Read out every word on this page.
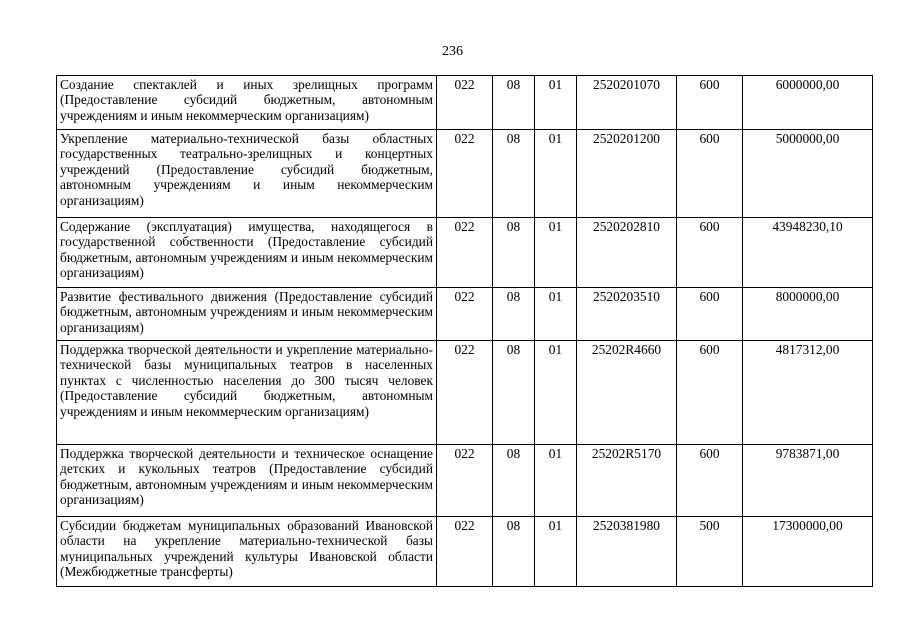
236
Создание спектаклей и иных зрелищных программ (Предоставление субсидий бюджетным, автономным учреждениям и иным некоммерческим организациям)	022	08	01	2520201070	600	6000000,00
Укрепление материально-технической базы областных государственных театрально-зрелищных и концертных учреждений (Предоставление субсидий бюджетным, автономным учреждениям и иным некоммерческим организациям)	022	08	01	2520201200	600	5000000,00
Содержание (эксплуатация) имущества, находящегося в государственной собственности (Предоставление субсидий бюджетным, автономным учреждениям и иным некоммерческим организациям)	022	08	01	2520202810	600	43948230,10
Развитие фестивального движения (Предоставление субсидий бюджетным, автономным учреждениям и иным некоммерческим организациям)	022	08	01	2520203510	600	8000000,00
Поддержка творческой деятельности и укрепление материально-технической базы муниципальных театров в населенных пунктах с численностью населения до 300 тысяч человек (Предоставление субсидий бюджетным, автономным учреждениям и иным некоммерческим организациям)	022	08	01	25202R4660	600	4817312,00
Поддержка творческой деятельности и техническое оснащение детских и кукольных театров (Предоставление субсидий бюджетным, автономным учреждениям и иным некоммерческим организациям)	022	08	01	25202R5170	600	9783871,00
Субсидии бюджетам муниципальных образований Ивановской области на укрепление материально-технической базы муниципальных учреждений культуры Ивановской области (Межбюджетные трансферты)	022	08	01	2520381980	500	17300000,00
